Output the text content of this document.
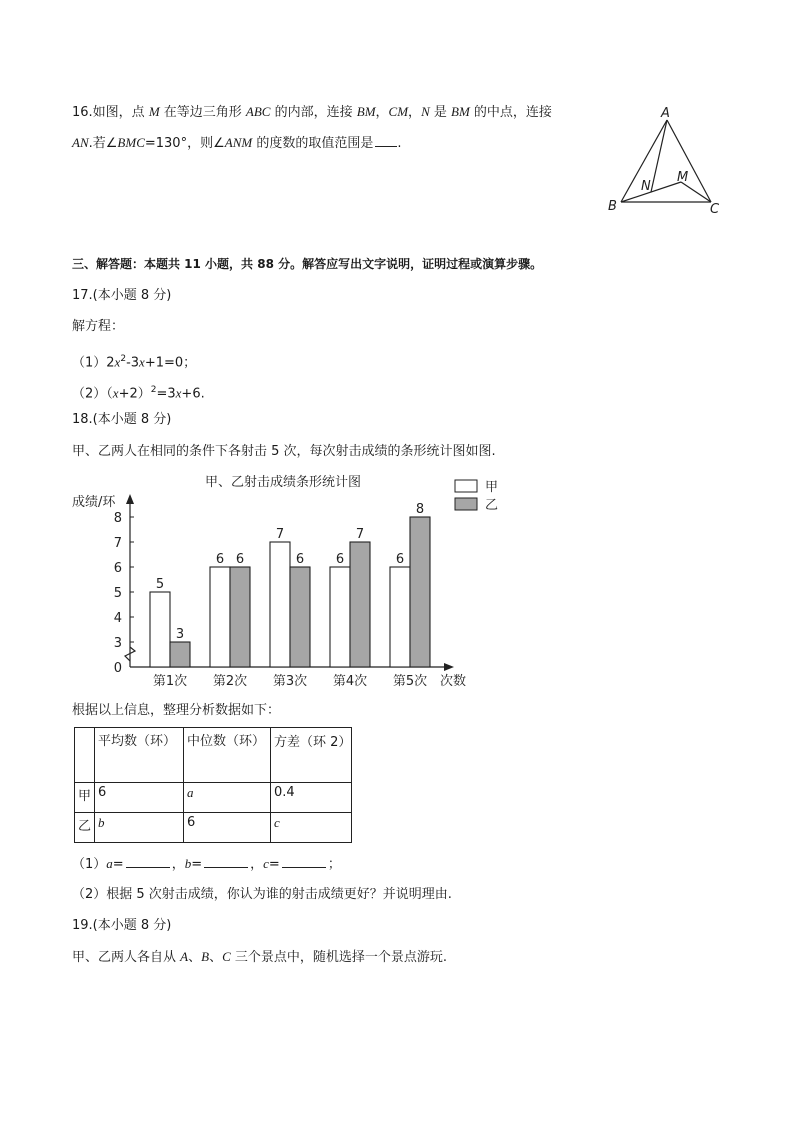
16.如图，点 M 在等边三角形 ABC 的内部，连接 BM，CM，N 是 BM 的中点，连接
AN.若∠BMC=130°，则∠ANM 的度数的取值范围是 .
A
B	C
M
N
三、解答题：本题共 11 小题，共 88 分。解答应写出文字说明，证明过程或演算步骤。
17.(本小题 8 分)
解方程：
$(1)2x^2-3x+1=0$；
$(2)(x+2)^2=3x+6$.
18.(本小题 8 分)
甲、乙两人在相同的条件下各射击 5 次，每次射击成绩的条形统计图如图.
甲、乙射击成绩条形统计图
成绩/环
次数
0
3
4
5
6
7
8
5
3
第1次
6 6
第2次
7
6
第3次
6
7
第4次
6
8
第5次
甲
乙
根据以上信息，整理分析数据如下：
	平均数（环）	中位数（环）	方差（环 2）
甲	6	a	0.4
乙	b	6	c
（1）a=	，b=	，c=	；
（2）根据 5 次射击成绩，你认为谁的射击成绩更好？并说明理由.
19.(本小题 8 分)
甲、乙两人各自从 A、B、C 三个景点中，随机选择一个景点游玩.
